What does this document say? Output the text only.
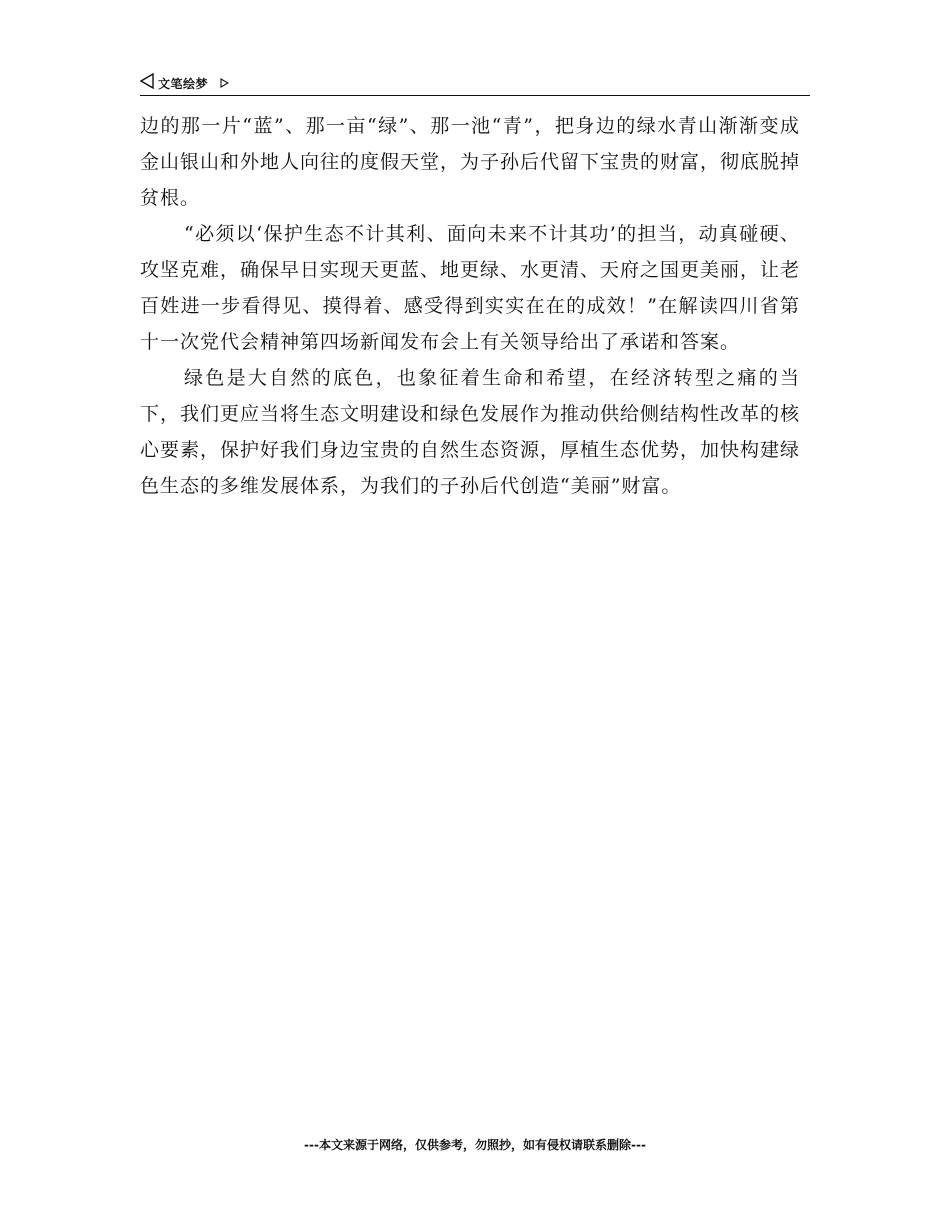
文笔绘梦

边的那一片“蓝”、那一亩“绿”、那一池“青”，把身边的绿水青山渐渐变成金山银山和外地人向往的度假天堂，为子孙后代留下宝贵的财富，彻底脱掉贫根。

“必须以‘保护生态不计其利、面向未来不计其功’的担当，动真碰硬、攻坚克难，确保早日实现天更蓝、地更绿、水更清、天府之国更美丽，让老百姓进一步看得见、摸得着、感受得到实实在在的成效！”在解读四川省第十一次党代会精神第四场新闻发布会上有关领导给出了承诺和答案。

绿色是大自然的底色，也象征着生命和希望，在经济转型之痛的当下，我们更应当将生态文明建设和绿色发展作为推动供给侧结构性改革的核心要素，保护好我们身边宝贵的自然生态资源，厚植生态优势，加快构建绿色生态的多维发展体系，为我们的子孙后代创造“美丽”财富。

---本文来源于网络，仅供参考，勿照抄，如有侵权请联系删除---
